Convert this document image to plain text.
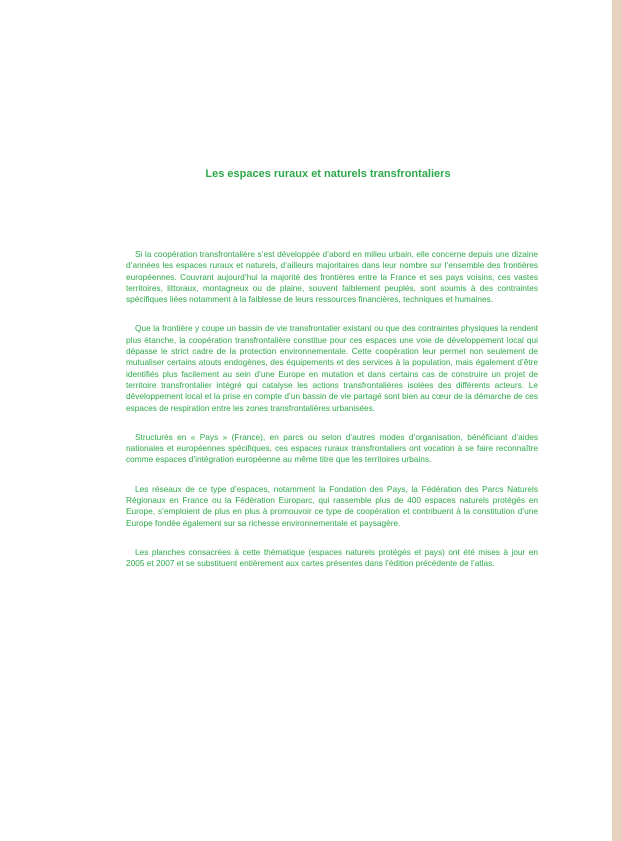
Les espaces ruraux et naturels transfrontaliers

Si la coopération transfrontalière s’est développée d’abord en milieu urbain, elle concerne depuis une dizaine d’années les espaces ruraux et naturels, d’ailleurs majoritaires dans leur nombre sur l’ensemble des frontières européennes. Couvrant aujourd’hui la majorité des frontières entre la France et ses pays voisins, ces vastes territoires, littoraux, montagneux ou de plaine, souvent faiblement peuplés, sont soumis à des contraintes spécifiques liées notamment à la faiblesse de leurs ressources financières, techniques et humaines.

Que la frontière y coupe un bassin de vie transfrontalier existant ou que des contraintes physiques la rendent plus étanche, la coopération transfrontalière constitue pour ces espaces une voie de développement local qui dépasse le strict cadre de la protection environnementale. Cette coopération leur permet non seulement de mutualiser certains atouts endogènes, des équipements et des services à la population, mais également d’être identifiés plus facilement au sein d’une Europe en mutation et dans certains cas de construire un projet de territoire transfrontalier intégré qui catalyse les actions transfrontalières isolées des différents acteurs. Le développement local et la prise en compte d’un bassin de vie partagé sont bien au cœur de la démarche de ces espaces de respiration entre les zones transfrontalières urbanisées.

Structurés en « Pays » (France), en parcs ou selon d’autres modes d’organisation, bénéficiant d’aides nationales et européennes spécifiques, ces espaces ruraux transfrontaliers ont vocation à se faire reconnaître comme espaces d’intégration européenne au même titre que les territoires urbains.

Les réseaux de ce type d’espaces, notamment la Fondation des Pays, la Fédération des Parcs Naturels Régionaux en France ou la Fédération Europarc, qui rassemble plus de 400 espaces naturels protégés en Europe, s’emploient de plus en plus à promouvoir ce type de coopération et contribuent à la constitution d’une Europe fondée également sur sa richesse environnementale et paysagère.

Les planches consacrées à cette thématique (espaces naturels protégés et pays) ont été mises à jour en 2005 et 2007 et se substituent entièrement aux cartes présentes dans l’édition précédente de l’atlas.
